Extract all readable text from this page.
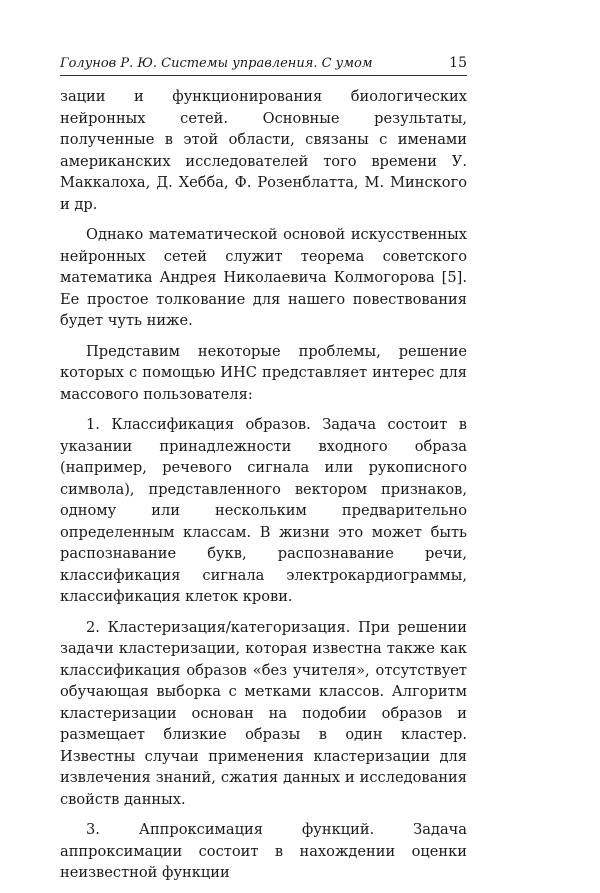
Голунов Р. Ю. Системы управления. С умом	15

зации и функционирования биологических нейронных сетей. Основные результаты, полученные в этой области, связаны с именами американских исследователей того времени У. Маккалоха, Д. Хебба, Ф. Розенблатта, М. Минского и др.

Однако математической основой искусственных нейронных сетей служит теорема советского математика Андрея Николаевича Колмогорова [5]. Ее простое толкование для нашего повествования будет чуть ниже.

Представим некоторые проблемы, решение которых с помощью ИНС представляет интерес для массового пользователя:

1. Классификация образов. Задача состоит в указании принадлежности входного образа (например, речевого сигнала или рукописного символа), представленного вектором признаков, одному или нескольким предварительно определенным классам. В жизни это может быть распознавание букв, распознавание речи, классификация сигнала электрокардиограммы, классификация клеток крови.

2. Кластеризация/категоризация. При решении задачи кластеризации, которая известна также как классификация образов «без учителя», отсутствует обучающая выборка с метками классов. Алгоритм кластеризации основан на подобии образов и размещает близкие образы в один кластер. Известны случаи применения кластеризации для извлечения знаний, сжатия данных и исследования свойств данных.

3. Аппроксимация функций. Задача аппроксимации состоит в нахождении оценки неизвестной функции
